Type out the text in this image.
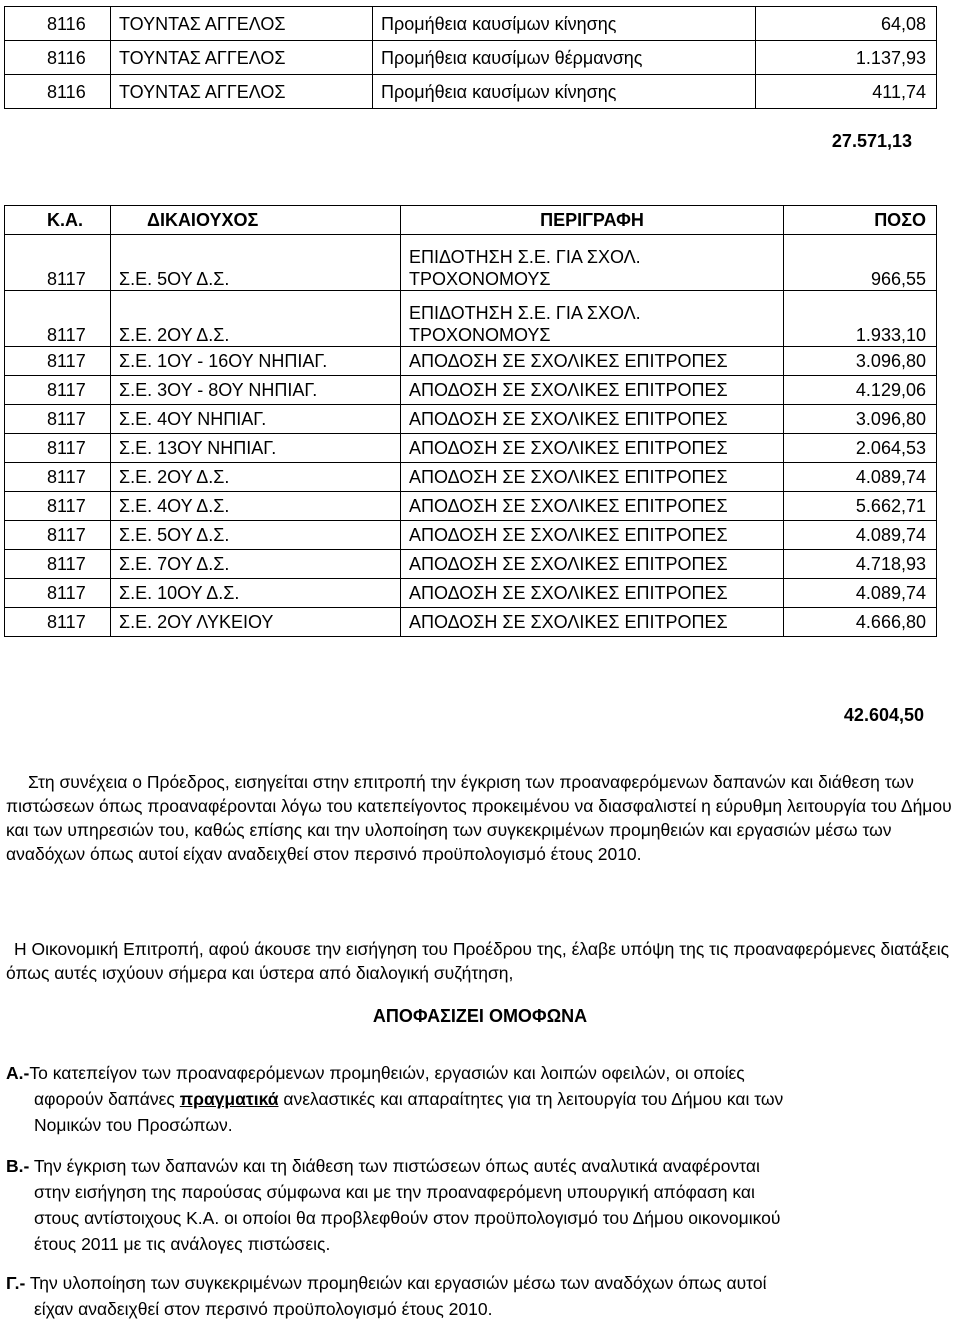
8116	ΤΟΥΝΤΑΣ ΑΓΓΕΛΟΣ	Προμήθεια καυσίμων κίνησης	64,08
8116	ΤΟΥΝΤΑΣ ΑΓΓΕΛΟΣ	Προμήθεια καυσίμων θέρμανσης	1.137,93
8116	ΤΟΥΝΤΑΣ ΑΓΓΕΛΟΣ	Προμήθεια καυσίμων κίνησης	411,74
27.571,13
Κ.Α.	ΔΙΚΑΙΟΥΧΟΣ	ΠΕΡΙΓΡΑΦΗ	ΠΟΣΟ
8117	Σ.Ε. 5ΟΥ Δ.Σ.	ΕΠΙΔΟΤΗΣΗ Σ.Ε. ΓΙΑ ΣΧΟΛ.
ΤΡΟΧΟΝΟΜΟΥΣ	966,55
8117	Σ.Ε. 2ΟΥ Δ.Σ.	ΕΠΙΔΟΤΗΣΗ Σ.Ε. ΓΙΑ ΣΧΟΛ.
ΤΡΟΧΟΝΟΜΟΥΣ	1.933,10
8117	Σ.Ε. 1ΟΥ - 16ΟΥ ΝΗΠΙΑΓ.	ΑΠΟΔΟΣΗ ΣΕ ΣΧΟΛΙΚΕΣ ΕΠΙΤΡΟΠΕΣ	3.096,80
8117	Σ.Ε. 3ΟΥ - 8ΟΥ ΝΗΠΙΑΓ.	ΑΠΟΔΟΣΗ ΣΕ ΣΧΟΛΙΚΕΣ ΕΠΙΤΡΟΠΕΣ	4.129,06
8117	Σ.Ε. 4ΟΥ ΝΗΠΙΑΓ.	ΑΠΟΔΟΣΗ ΣΕ ΣΧΟΛΙΚΕΣ ΕΠΙΤΡΟΠΕΣ	3.096,80
8117	Σ.Ε. 13ΟΥ ΝΗΠΙΑΓ.	ΑΠΟΔΟΣΗ ΣΕ ΣΧΟΛΙΚΕΣ ΕΠΙΤΡΟΠΕΣ	2.064,53
8117	Σ.Ε. 2ΟΥ Δ.Σ.	ΑΠΟΔΟΣΗ ΣΕ ΣΧΟΛΙΚΕΣ ΕΠΙΤΡΟΠΕΣ	4.089,74
8117	Σ.Ε. 4ΟΥ Δ.Σ.	ΑΠΟΔΟΣΗ ΣΕ ΣΧΟΛΙΚΕΣ ΕΠΙΤΡΟΠΕΣ	5.662,71
8117	Σ.Ε. 5ΟΥ Δ.Σ.	ΑΠΟΔΟΣΗ ΣΕ ΣΧΟΛΙΚΕΣ ΕΠΙΤΡΟΠΕΣ	4.089,74
8117	Σ.Ε. 7ΟΥ Δ.Σ.	ΑΠΟΔΟΣΗ ΣΕ ΣΧΟΛΙΚΕΣ ΕΠΙΤΡΟΠΕΣ	4.718,93
8117	Σ.Ε. 10ΟΥ Δ.Σ.	ΑΠΟΔΟΣΗ ΣΕ ΣΧΟΛΙΚΕΣ ΕΠΙΤΡΟΠΕΣ	4.089,74
8117	Σ.Ε. 2ΟΥ ΛΥΚΕΙΟΥ	ΑΠΟΔΟΣΗ ΣΕ ΣΧΟΛΙΚΕΣ ΕΠΙΤΡΟΠΕΣ	4.666,80
42.604,50
Στη συνέχεια ο Πρόεδρος, εισηγείται στην επιτροπή την έγκριση των προαναφερόμενων δαπανών και διάθεση των πιστώσεων όπως προαναφέρονται λόγω του κατεπείγοντος προκειμένου να διασφαλιστεί η εύρυθμη λειτουργία του Δήμου και των υπηρεσιών του, καθώς επίσης και την υλοποίηση των συγκεκριμένων προμηθειών και εργασιών μέσω των αναδόχων όπως αυτοί είχαν αναδειχθεί στον περσινό προϋπολογισμό έτους 2010.
Η Οικονομική Επιτροπή, αφού άκουσε την εισήγηση του Προέδρου της, έλαβε υπόψη της τις προαναφερόμενες διατάξεις όπως αυτές ισχύουν σήμερα και ύστερα από διαλογική συζήτηση,
ΑΠΟΦΑΣΙΖΕΙ ΟΜΟΦΩΝΑ
Α.-Το κατεπείγον των προαναφερόμενων προμηθειών, εργασιών και λοιπών οφειλών, οι οποίες
αφορούν δαπάνες πραγματικά ανελαστικές και απαραίτητες για τη λειτουργία του Δήμου και των
Νομικών του Προσώπων.
Β.- Την έγκριση των δαπανών και τη διάθεση των πιστώσεων όπως αυτές αναλυτικά αναφέρονται
στην εισήγηση της παρούσας σύμφωνα και με την προαναφερόμενη υπουργική απόφαση και
στους αντίστοιχους Κ.Α. οι οποίοι θα προβλεφθούν στον προϋπολογισμό του Δήμου οικονομικού
έτους 2011 με τις ανάλογες πιστώσεις.
Γ.- Την υλοποίηση των συγκεκριμένων προμηθειών και εργασιών μέσω των αναδόχων όπως αυτοί
είχαν αναδειχθεί στον περσινό προϋπολογισμό έτους 2010.
